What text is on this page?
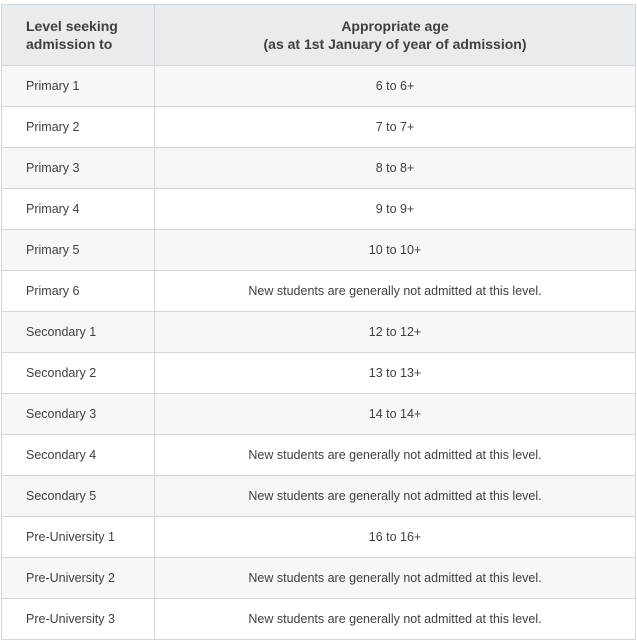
Level seeking
admission to	Appropriate age
(as at 1st January of year of admission)

Primary 1	6 to 6+
Primary 2	7 to 7+
Primary 3	8 to 8+
Primary 4	9 to 9+
Primary 5	10 to 10+
Primary 6	New students are generally not admitted at this level.
Secondary 1	12 to 12+
Secondary 2	13 to 13+
Secondary 3	14 to 14+
Secondary 4	New students are generally not admitted at this level.
Secondary 5	New students are generally not admitted at this level.
Pre-University 1	16 to 16+
Pre-University 2	New students are generally not admitted at this level.
Pre-University 3	New students are generally not admitted at this level.
